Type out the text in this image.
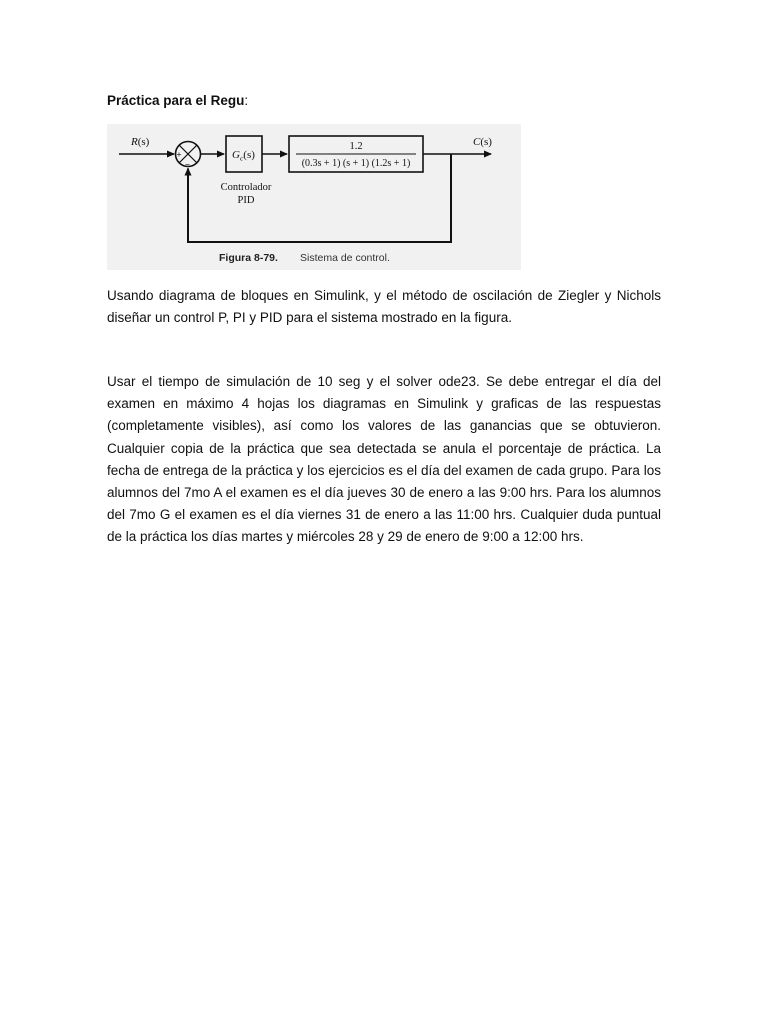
Práctica para el Regu:
R(s)
+
−
$G_c(s)$
Controlador
PID
1.2
(0.3s + 1) (s + 1) (1.2s + 1)
C(s)
Figura 8-79. Sistema de control.

Usando diagrama de bloques en Simulink, y el método de oscilación de Ziegler y Nichols diseñar un control P, PI y PID para el sistema mostrado en la figura.

Usar el tiempo de simulación de 10 seg y el solver ode23. Se debe entregar el día del examen en máximo 4 hojas los diagramas en Simulink y graficas de las respuestas (completamente visibles), así como los valores de las ganancias que se obtuvieron. Cualquier copia de la práctica que sea detectada se anula el porcentaje de práctica. La fecha de entrega de la práctica y los ejercicios es el día del examen de cada grupo. Para los alumnos del 7mo A el examen es el día jueves 30 de enero a las 9:00 hrs. Para los alumnos del 7mo G el examen es el día viernes 31 de enero a las 11:00 hrs. Cualquier duda puntual de la práctica los días martes y miércoles 28 y 29 de enero de 9:00 a 12:00 hrs.
